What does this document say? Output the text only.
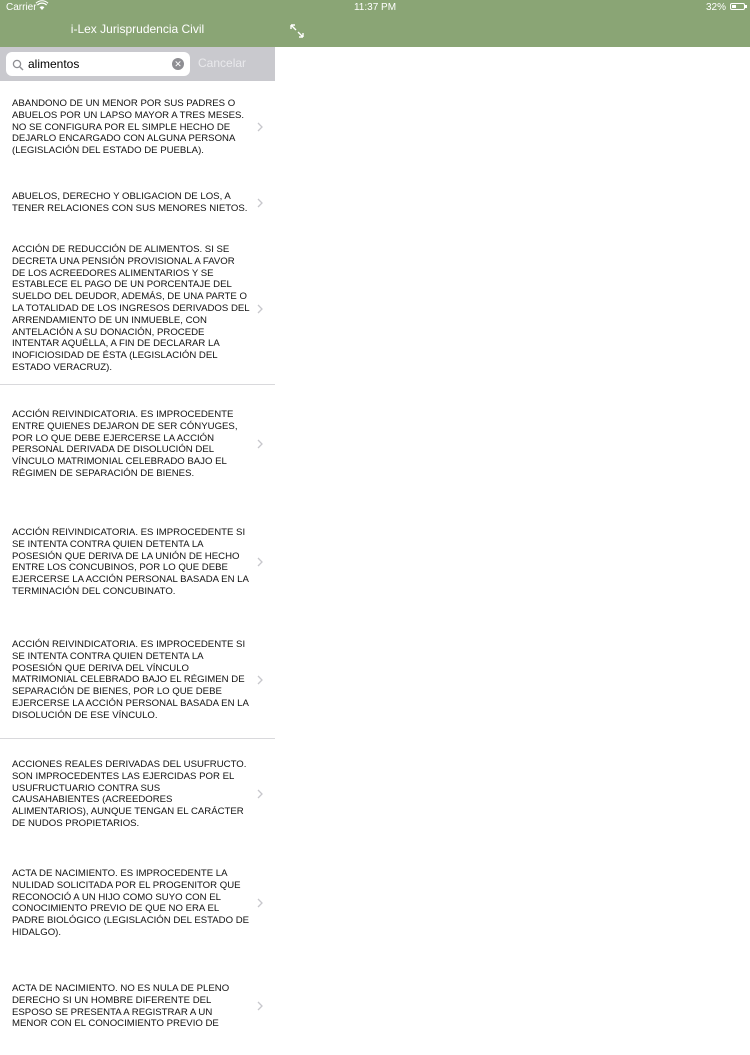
Carrier	11:37 PM	32%
i-Lex Jurisprudencia Civil
alimentos
✕ Cancelar
ABANDONO DE UN MENOR POR SUS PADRES O ABUELOS POR UN LAPSO MAYOR A TRES MESES. NO SE CONFIGURA POR EL SIMPLE HECHO DE DEJARLO ENCARGADO CON ALGUNA PERSONA (LEGISLACIÓN DEL ESTADO DE PUEBLA).
ABUELOS, DERECHO Y OBLIGACION DE LOS, A TENER RELACIONES CON SUS MENORES NIETOS.
ACCIÓN DE REDUCCIÓN DE ALIMENTOS. SI SE DECRETA UNA PENSIÓN PROVISIONAL A FAVOR DE LOS ACREEDORES ALIMENTARIOS Y SE ESTABLECE EL PAGO DE UN PORCENTAJE DEL SUELDO DEL DEUDOR, ADEMÁS, DE UNA PARTE O LA TOTALIDAD DE LOS INGRESOS DERIVADOS DEL ARRENDAMIENTO DE UN INMUEBLE, CON ANTELACIÓN A SU DONACIÓN, PROCEDE INTENTAR AQUÉLLA, A FIN DE DECLARAR LA INOFICIOSIDAD DE ÉSTA (LEGISLACIÓN DEL ESTADO VERACRUZ).
ACCIÓN REIVINDICATORIA. ES IMPROCEDENTE ENTRE QUIENES DEJARON DE SER CÓNYUGES, POR LO QUE DEBE EJERCERSE LA ACCIÓN PERSONAL DERIVADA DE DISOLUCIÓN DEL VÍNCULO MATRIMONIAL CELEBRADO BAJO EL RÉGIMEN DE SEPARACIÓN DE BIENES.
ACCIÓN REIVINDICATORIA. ES IMPROCEDENTE SI SE INTENTA CONTRA QUIEN DETENTA LA POSESIÓN QUE DERIVA DE LA UNIÓN DE HECHO ENTRE LOS CONCUBINOS, POR LO QUE DEBE EJERCERSE LA ACCIÓN PERSONAL BASADA EN LA TERMINACIÓN DEL CONCUBINATO.
ACCIÓN REIVINDICATORIA. ES IMPROCEDENTE SI SE INTENTA CONTRA QUIEN DETENTA LA POSESIÓN QUE DERIVA DEL VÍNCULO MATRIMONIAL CELEBRADO BAJO EL RÉGIMEN DE SEPARACIÓN DE BIENES, POR LO QUE DEBE EJERCERSE LA ACCIÓN PERSONAL BASADA EN LA DISOLUCIÓN DE ESE VÍNCULO.
ACCIONES REALES DERIVADAS DEL USUFRUCTO. SON IMPROCEDENTES LAS EJERCIDAS POR EL USUFRUCTUARIO CONTRA SUS CAUSAHABIENTES (ACREEDORES ALIMENTARIOS), AUNQUE TENGAN EL CARÁCTER DE NUDOS PROPIETARIOS.
ACTA DE NACIMIENTO. ES IMPROCEDENTE LA NULIDAD SOLICITADA POR EL PROGENITOR QUE RECONOCIÓ A UN HIJO COMO SUYO CON EL CONOCIMIENTO PREVIO DE QUE NO ERA EL PADRE BIOLÓGICO (LEGISLACIÓN DEL ESTADO DE HIDALGO).
ACTA DE NACIMIENTO. NO ES NULA DE PLENO DERECHO SI UN HOMBRE DIFERENTE DEL ESPOSO SE PRESENTA A REGISTRAR A UN MENOR CON EL CONOCIMIENTO PREVIO DE
